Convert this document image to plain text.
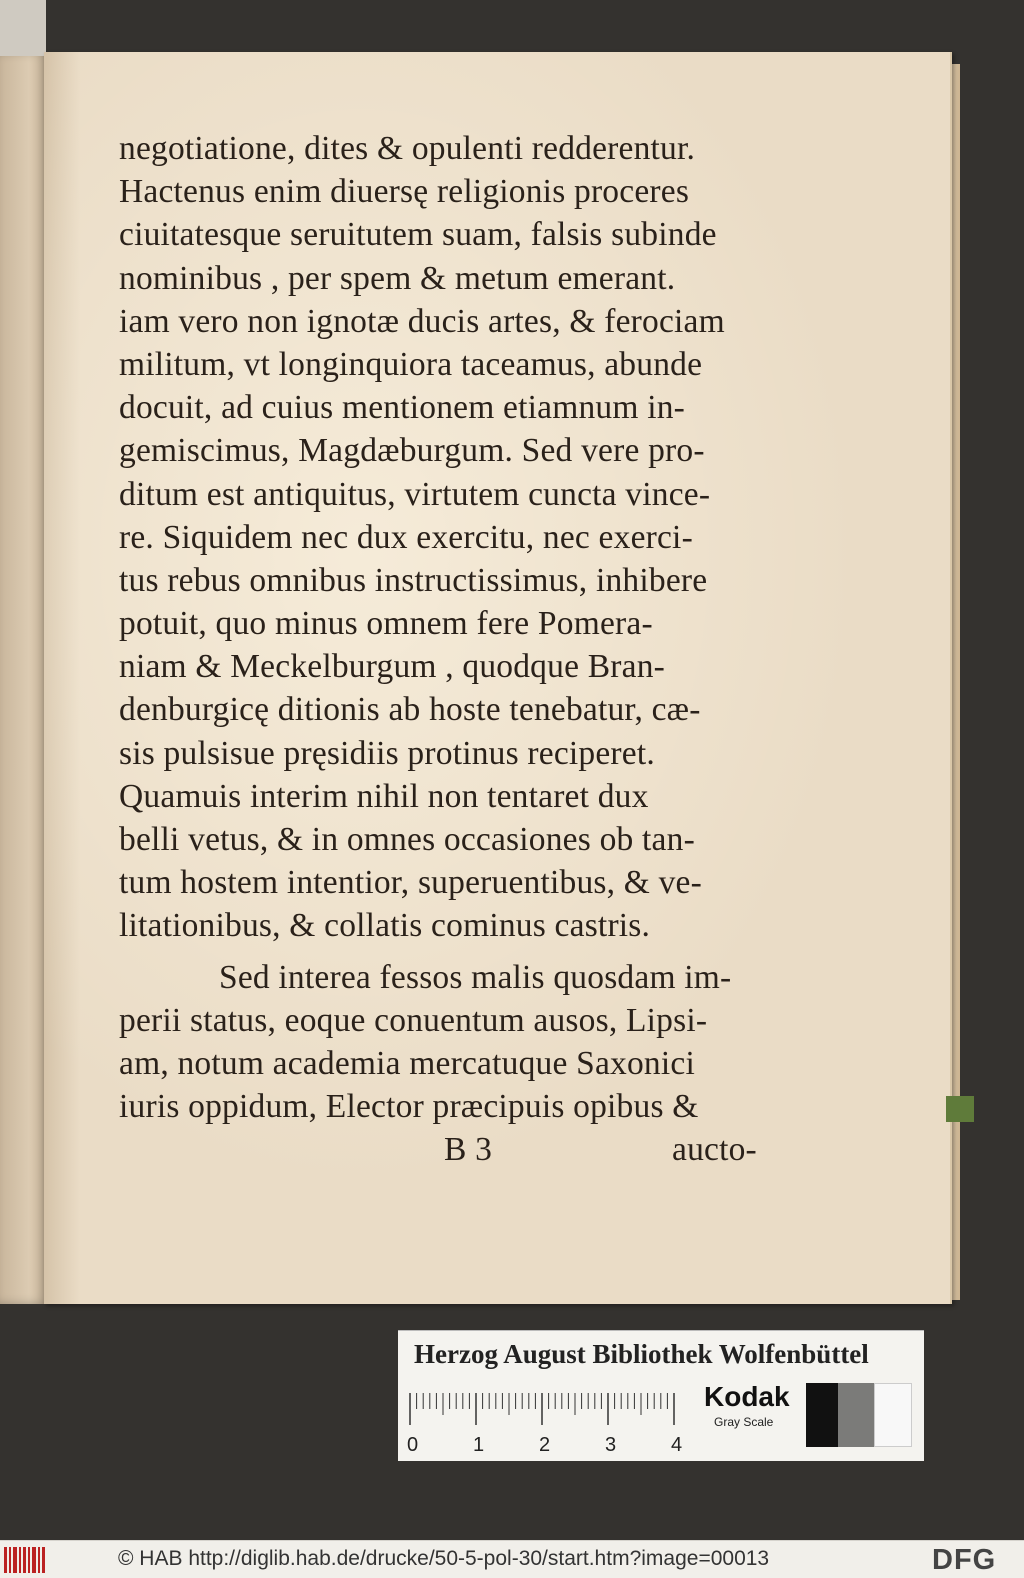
negotiatione, dites & opulenti redderentur.
Hactenus enim diuersę religionis proceres
ciuitatesque seruitutem suam, falsis subinde
nominibus , per spem & metum emerant.
iam vero non ignotæ ducis artes, & ferociam
militum, vt longinquiora taceamus, abunde
docuit, ad cuius mentionem etiamnum in-
gemiscimus, Magdæburgum. Sed vere pro-
ditum est antiquitus, virtutem cuncta vince-
re. Siquidem nec dux exercitu, nec exerci-
tus rebus omnibus instructissimus, inhibere
potuit, quo minus omnem fere Pomera-
niam & Meckelburgum , quodque Bran-
denburgicę ditionis ab hoste tenebatur, cæ-
sis pulsisue pręsidiis protinus reciperet.
Quamuis interim nihil non tentaret dux
belli vetus, & in omnes occasiones ob tan-
tum hostem intentior, superuentibus, & ve-
litationibus, & collatis cominus castris.
Sed interea fessos malis quosdam im-
perii status, eoque conuentum ausos, Lipsi-
am, notum academia mercatuque Saxonici
iuris oppidum, Elector præcipuis opibus &
B 3	aucto-
Herzog August Bibliothek Wolfenbüttel
0	1	2	3	4
Kodak
Gray Scale
© HAB http://diglib.hab.de/drucke/50-5-pol-30/start.htm?image=00013	DFG
